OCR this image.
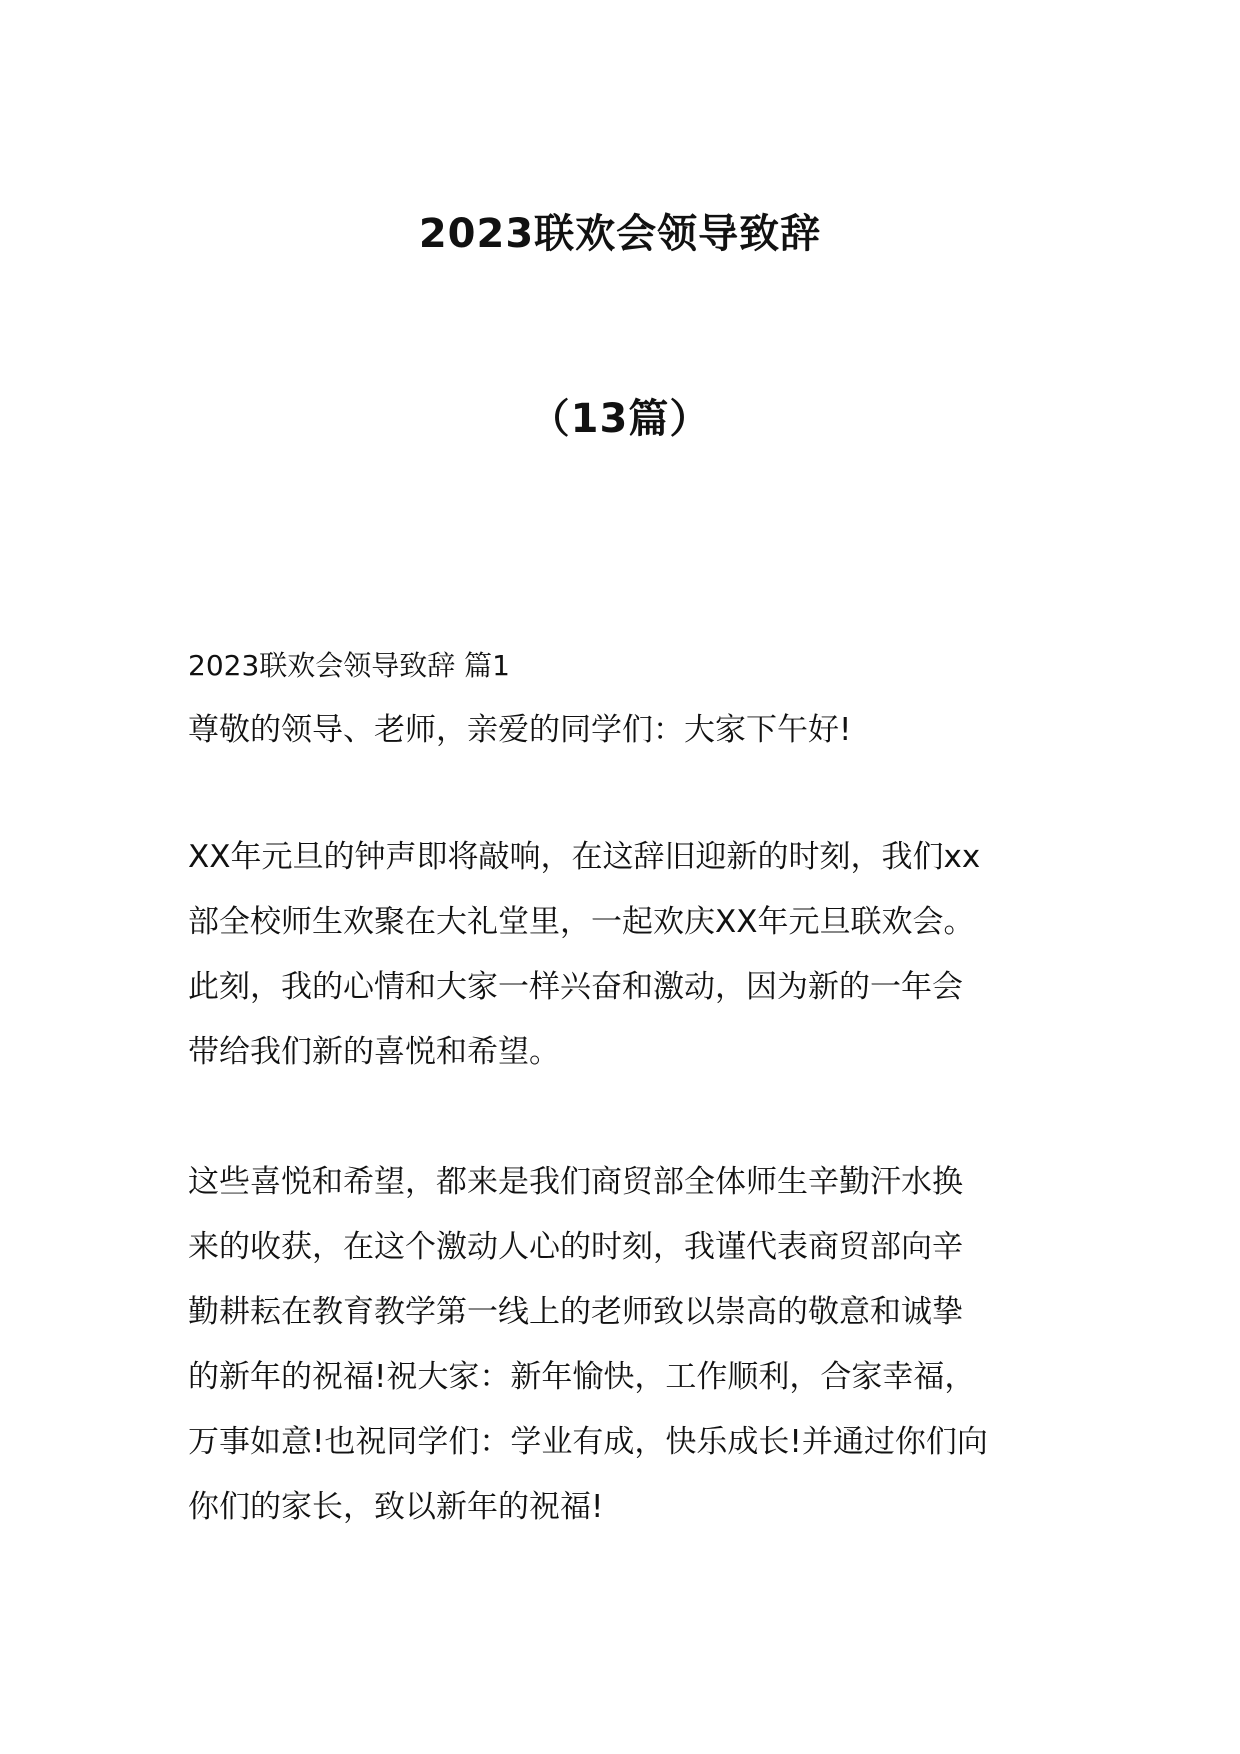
2023联欢会领导致辞
（13篇）
2023联欢会领导致辞 篇1
尊敬的领导、老师，亲爱的同学们：大家下午好!

XX年元旦的钟声即将敲响，在这辞旧迎新的时刻，我们xx

部全校师生欢聚在大礼堂里，一起欢庆XX年元旦联欢会。

此刻，我的心情和大家一样兴奋和激动，因为新的一年会

带给我们新的喜悦和希望。

这些喜悦和希望，都来是我们商贸部全体师生辛勤汗水换

来的收获，在这个激动人心的时刻，我谨代表商贸部向辛

勤耕耘在教育教学第一线上的老师致以崇高的敬意和诚挚

的新年的祝福!祝大家：新年愉快，工作顺利，合家幸福，

万事如意!也祝同学们：学业有成，快乐成长!并通过你们向

你们的家长，致以新年的祝福!
